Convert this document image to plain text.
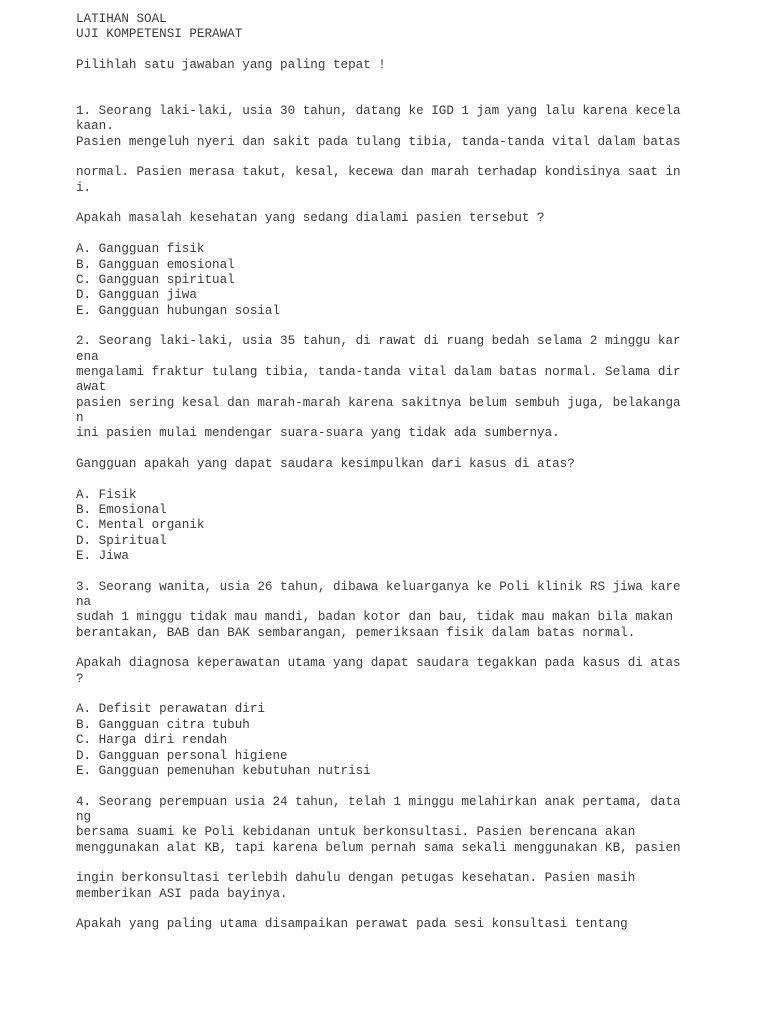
LATIHAN SOAL
UJI KOMPETENSI PERAWAT
Pilihlah satu jawaban yang paling tepat !
1. Seorang laki-laki, usia 30 tahun, datang ke IGD 1 jam yang lalu karena kecela
kaan.
Pasien mengeluh nyeri dan sakit pada tulang tibia, tanda-tanda vital dalam batas
normal. Pasien merasa takut, kesal, kecewa dan marah terhadap kondisinya saat in
i.
Apakah masalah kesehatan yang sedang dialami pasien tersebut ?
A. Gangguan fisik
B. Gangguan emosional
C. Gangguan spiritual
D. Gangguan jiwa
E. Gangguan hubungan sosial
2. Seorang laki-laki, usia 35 tahun, di rawat di ruang bedah selama 2 minggu kar
ena
mengalami fraktur tulang tibia, tanda-tanda vital dalam batas normal. Selama dir
awat
pasien sering kesal dan marah-marah karena sakitnya belum sembuh juga, belakanga
n
ini pasien mulai mendengar suara-suara yang tidak ada sumbernya.
Gangguan apakah yang dapat saudara kesimpulkan dari kasus di atas?
A. Fisik
B. Emosional
C. Mental organik
D. Spiritual
E. Jiwa
3. Seorang wanita, usia 26 tahun, dibawa keluarganya ke Poli klinik RS jiwa kare
na
sudah 1 minggu tidak mau mandi, badan kotor dan bau, tidak mau makan bila makan
berantakan, BAB dan BAK sembarangan, pemeriksaan fisik dalam batas normal.
Apakah diagnosa keperawatan utama yang dapat saudara tegakkan pada kasus di atas
?
A. Defisit perawatan diri
B. Gangguan citra tubuh
C. Harga diri rendah
D. Gangguan personal higiene
E. Gangguan pemenuhan kebutuhan nutrisi
4. Seorang perempuan usia 24 tahun, telah 1 minggu melahirkan anak pertama, data
ng
bersama suami ke Poli kebidanan untuk berkonsultasi. Pasien berencana akan
menggunakan alat KB, tapi karena belum pernah sama sekali menggunakan KB, pasien
ingin berkonsultasi terlebih dahulu dengan petugas kesehatan. Pasien masih
memberikan ASI pada bayinya.
Apakah yang paling utama disampaikan perawat pada sesi konsultasi tentang
